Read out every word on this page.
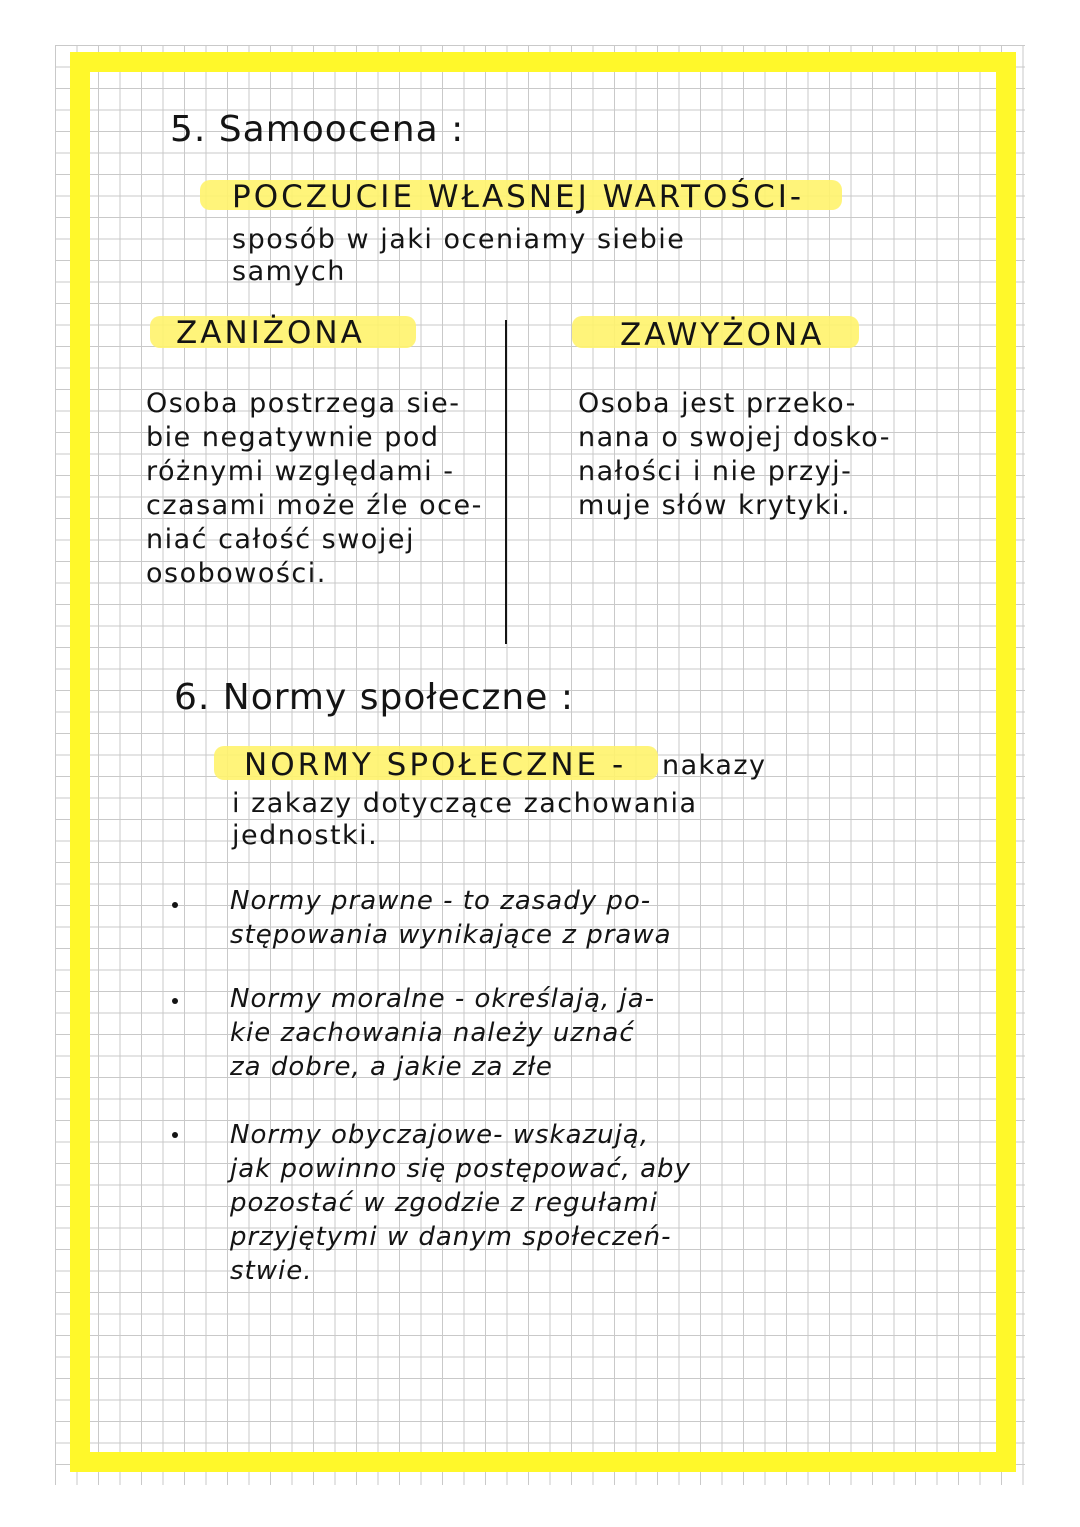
5. Samoocena :
POCZUCIE WŁASNEJ WARTOŚCI-
sposób w jaki oceniamy siebie
samych
ZANIŻONA	ZAWYŻONA
Osoba postrzega sie-
bie negatywnie pod
różnymi względami -
czasami może źle oce-
niać całość swojej
osobowości.
Osoba jest przeko-
nana o swojej dosko-
nałości i nie przyj-
muje słów krytyki.
6. Normy społeczne :
NORMY SPOŁECZNE - nakazy
i zakazy dotyczące zachowania
jednostki.
Normy prawne - to zasady po-
stępowania wynikające z prawa
Normy moralne - określają, ja-
kie zachowania należy uznać
za dobre, a jakie za złe
Normy obyczajowe- wskazują,
jak powinno się postępować, aby
pozostać w zgodzie z regułami
przyjętymi w danym społeczeń-
stwie.
